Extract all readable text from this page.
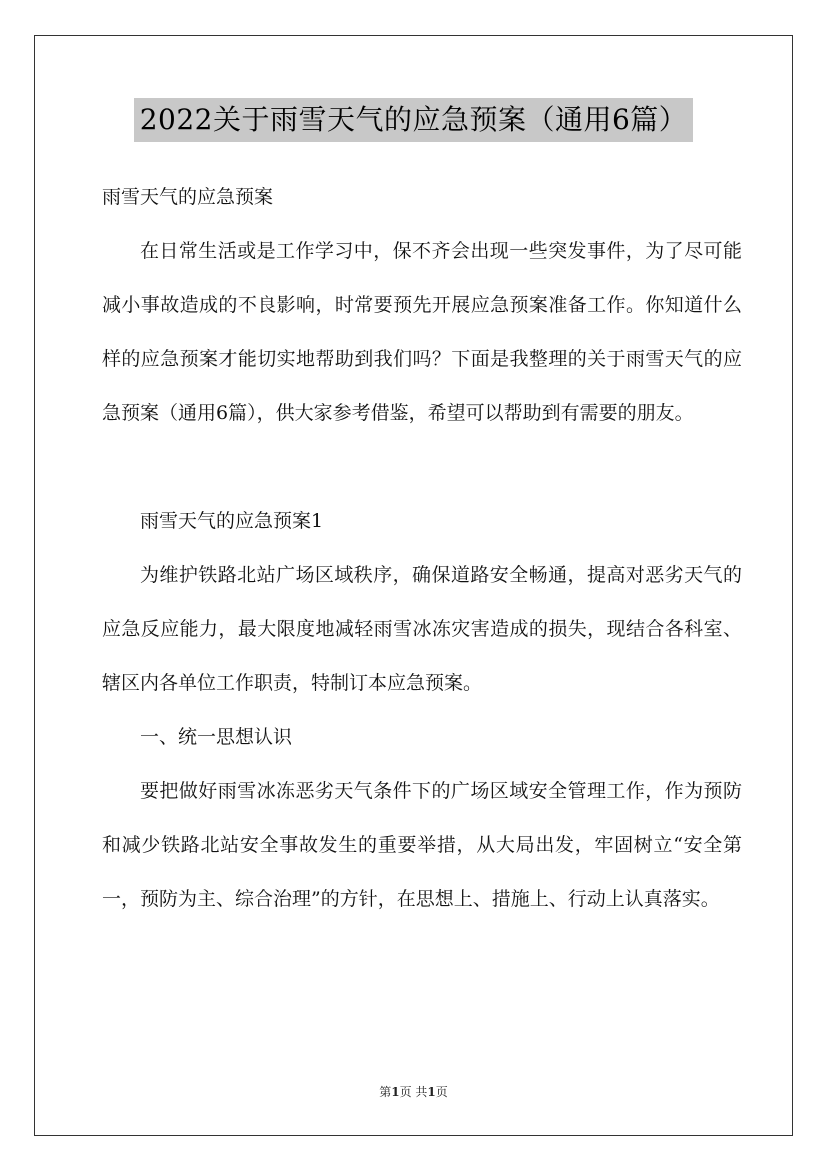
2022关于雨雪天气的应急预案（通用6篇）

雨雪天气的应急预案

在日常生活或是工作学习中，保不齐会出现一些突发事件，为了尽可能减小事故造成的不良影响，时常要预先开展应急预案准备工作。你知道什么样的应急预案才能切实地帮助到我们吗？下面是我整理的关于雨雪天气的应急预案（通用6篇），供大家参考借鉴，希望可以帮助到有需要的朋友。

雨雪天气的应急预案1

为维护铁路北站广场区域秩序，确保道路安全畅通，提高对恶劣天气的应急反应能力，最大限度地减轻雨雪冰冻灾害造成的损失，现结合各科室、辖区内各单位工作职责，特制订本应急预案。

一、统一思想认识

要把做好雨雪冰冻恶劣天气条件下的广场区域安全管理工作，作为预防和减少铁路北站安全事故发生的重要举措，从大局出发，牢固树立“安全第一，预防为主、综合治理”的方针，在思想上、措施上、行动上认真落实。

第1页 共1页
